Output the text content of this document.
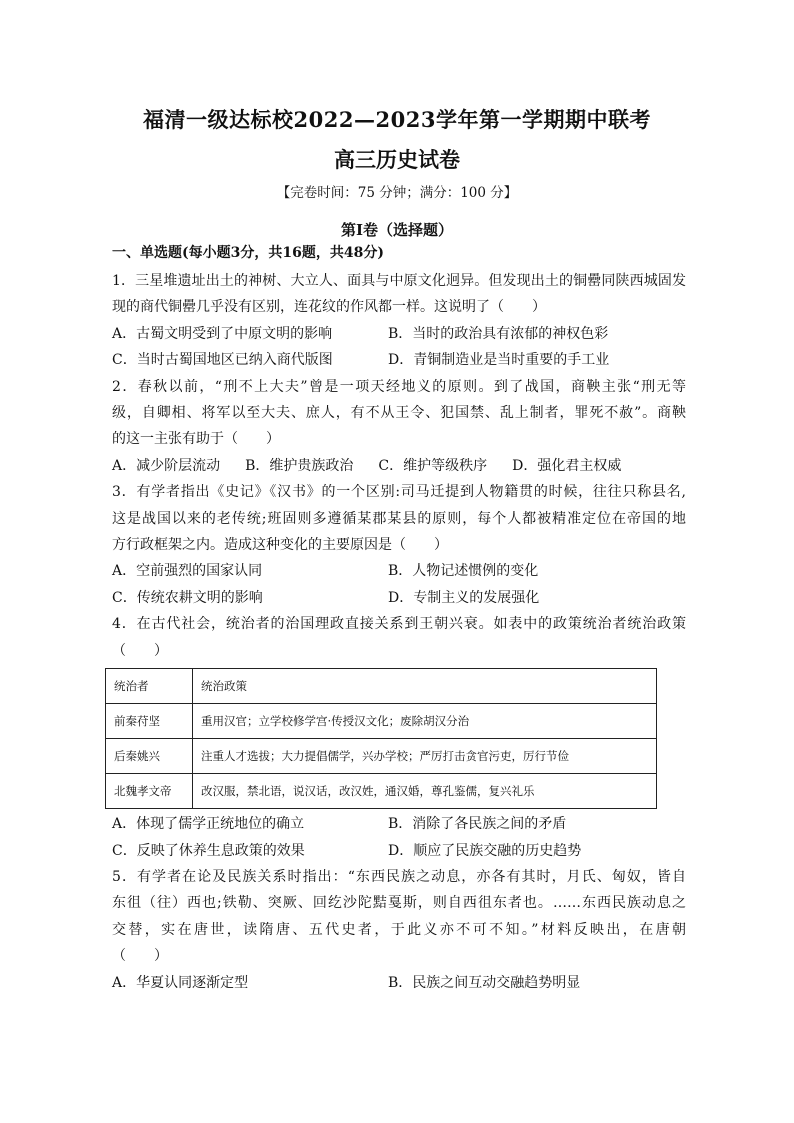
福清一级达标校2022—2023学年第一学期期中联考
高三历史试卷
【完卷时间：75 分钟；满分：100 分】
第Ⅰ卷（选择题）
一、单选题(每小题3分，共16题，共48分)
1．三星堆遗址出土的神树、大立人、面具与中原文化迥异。但发现出土的铜罍同陕西城固发
现的商代铜罍几乎没有区别，连花纹的作风都一样。这说明了（　　）
A．古蜀文明受到了中原文明的影响	B．当时的政治具有浓郁的神权色彩
C．当时古蜀国地区已纳入商代版图	D．青铜制造业是当时重要的手工业
2．春秋以前，“刑不上大夫”曾是一项天经地义的原则。到了战国，商鞅主张“刑无等
级，自卿相、将军以至大夫、庶人，有不从王令、犯国禁、乱上制者，罪死不赦”。商鞅
的这一主张有助于（　　）
A．减少阶层流动 B．维护贵族政治 C．维护等级秩序 D．强化君主权威
3．有学者指出《史记》《汉书》的一个区别:司马迁提到人物籍贯的时候，往往只称县名,
这是战国以来的老传统;班固则多遵循某郡某县的原则，每个人都被精准定位在帝国的地
方行政框架之内。造成这种变化的主要原因是（　　）
A．空前强烈的国家认同	B．人物记述惯例的变化
C．传统农耕文明的影响	D．专制主义的发展强化
4．在古代社会，统治者的治国理政直接关系到王朝兴衰。如表中的政策统治者统治政策
（　　）
统治者	统治政策
前秦苻坚	重用汉官；立学校修学宫·传授汉文化；废除胡汉分治
后秦姚兴	注重人才选拔；大力提倡儒学，兴办学校；严厉打击贪官污吏，厉行节俭
北魏孝文帝	改汉服，禁北语，说汉话，改汉姓，通汉婚，尊孔鉴儒，复兴礼乐
A．体现了儒学正统地位的确立	B．消除了各民族之间的矛盾
C．反映了休养生息政策的效果	D．顺应了民族交融的历史趋势
5．有学者在论及民族关系时指出：“东西民族之动息，亦各有其时，月氏、匈奴，皆自
东徂（往）西也;铁勒、突厥、回纥沙陀黠戛斯，则自西徂东者也。……东西民族动息之
交替，实在唐世，读隋唐、五代史者，于此义亦不可不知。”材料反映出，在唐朝
（　　）
A．华夏认同逐渐定型	B．民族之间互动交融趋势明显
